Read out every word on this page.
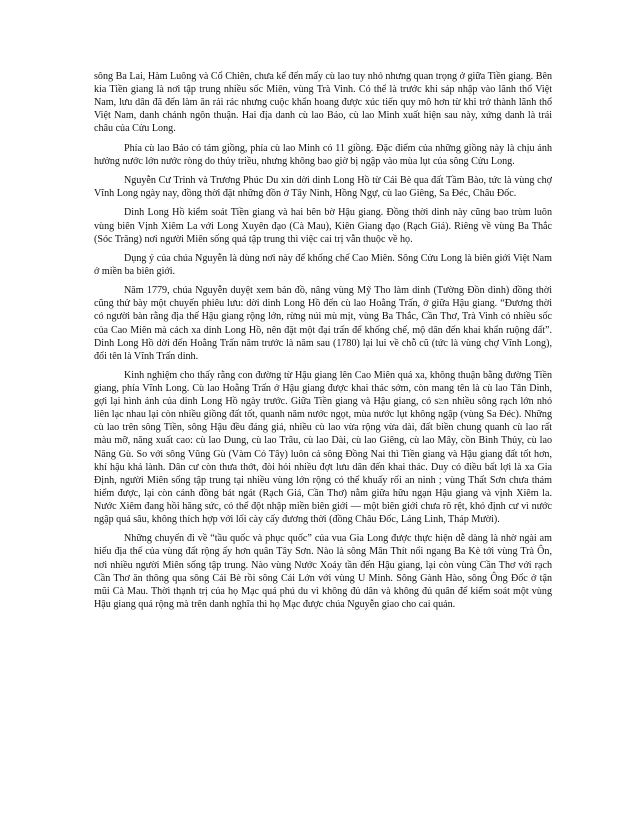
sông Ba Lai, Hàm Luông và Cổ Chiên, chưa kể đến mấy cù lao tuy nhỏ nhưng quan trọng ở giữa Tiền giang. Bên kia Tiền giang là nơi tập trung nhiều sốc Miên, vùng Trà Vinh. Có thể là trước khi sáp nhập vào lãnh thổ Việt Nam, lưu dân đã đến làm ăn rải rác nhưng cuộc khẩn hoang được xúc tiến quy mô hơn từ khi trở thành lãnh thổ Việt Nam, danh chánh ngôn thuận. Hai địa danh cù lao Bảo, cù lao Minh xuất hiện sau này, xứng danh là trái châu của Cửu Long.

Phía cù lao Bảo có tám giồng, phía cù lao Minh có 11 giồng. Đặc điểm của những giồng này là chịu ảnh hưởng nước lớn nước ròng do thủy triều, nhưng không bao giờ bị ngập vào mùa lụt của sông Cửu Long.

Nguyễn Cư Trinh và Trương Phúc Du xin dời dinh Long Hồ từ Cái Bè qua đất Tầm Bào, tức là vùng chợ Vĩnh Long ngày nay, đồng thời đặt những đồn ở Tây Ninh, Hồng Ngự, cù lao Giêng, Sa Đéc, Châu Đốc.

Dinh Long Hồ kiểm soát Tiền giang và hai bên bờ Hậu giang. Đồng thời dinh này cũng bao trùm luôn vùng biên Vịnh Xiêm La với Long Xuyên đạo (Cà Mau), Kiên Giang đạo (Rạch Giá). Riêng về vùng Ba Thắc (Sóc Trăng) nơi người Miên sống quá tập trung thì việc cai trị vẫn thuộc về họ.

Dụng ý của chúa Nguyễn là dùng nơi này để khống chế Cao Miên. Sông Cửu Long là biên giới Việt Nam ở miền ba biên giới.

Năm 1779, chúa Nguyễn duyệt xem bản đồ, nâng vùng Mỹ Tho làm dinh (Tường Đồn dinh) đồng thời cũng thử bày một chuyến phiêu lưu: dời dinh Long Hồ đến cù lao Hoằng Trấn, ở giữa Hậu giang. “Đương thời có người bàn rằng địa thế Hậu giang rộng lớn, rừng núi mù mịt, vùng Ba Thắc, Cần Thơ, Trà Vinh có nhiều sốc của Cao Miên mà cách xa dinh Long Hồ, nên đặt một đại trấn để khống chế, mộ dân đến khai khẩn ruộng đất”. Dinh Long Hồ dời đến Hoằng Trấn năm trước là năm sau (1780) lại lui về chỗ cũ (tức là vùng chợ Vĩnh Long), đổi tên là Vĩnh Trấn dinh.

Kinh nghiệm cho thấy rằng con đường từ Hậu giang lên Cao Miên quá xa, không thuận bằng đường Tiền giang, phía Vĩnh Long. Cù lao Hoằng Trấn ở Hậu giang được khai thác sớm, còn mang tên là cù lao Tân Dinh, gợi lại hình ảnh của dinh Long Hồ ngày trước. Giữa Tiền giang và Hậu giang, có s≥n nhiều sông rạch lớn nhỏ liên lạc nhau lại còn nhiều giồng đất tốt, quanh năm nước ngọt, mùa nước lụt không ngập (vùng Sa Đéc). Những cù lao trên sông Tiền, sông Hậu đều đáng giá, nhiều cù lao vừa rộng vừa dài, đất biền chung quanh cù lao rất màu mỡ, năng xuất cao: cù lao Dung, cù lao Trâu, cù lao Dài, cù lao Giêng, cù lao Mây, cồn Bình Thủy, cù lao Năng Gù. So với sông Vũng Gù (Vàm Cỏ Tây) luôn cả sông Đồng Nai thì Tiền giang và Hậu giang đất tốt hơn, khí hậu khả lành. Dân cư còn thưa thớt, đòi hỏi nhiều đợt lưu dân đến khai thác. Duy có điều bất lợi là xa Gia Định, người Miên sống tập trung tại nhiều vùng lớn rộng có thể khuấy rối an ninh ; vùng Thất Sơn chưa thám hiểm được, lại còn cánh đồng bát ngát (Rạch Giá, Cần Thơ) nằm giữa hữu ngạn Hậu giang và vịnh Xiêm la. Nước Xiêm đang hồi hăng sức, có thể đột nhập miền biên giới — một biên giới chưa rõ rệt, khó định cư vì nước ngập quá sâu, không thích hợp với lối cày cấy đương thời (đồng Châu Đốc, Láng Linh, Tháp Mười).

Những chuyến đi về “tầu quốc và phục quốc” của vua Gia Long được thực hiện dễ dàng là nhờ ngài am hiểu địa thế của vùng đất rộng ấy hơn quân Tây Sơn. Nào là sông Mân Thít nối ngang Ba Kè tới vùng Trà Ôn, nơi nhiều người Miên sống tập trung. Nào vùng Nước Xoáy tần đến Hậu giang, lại còn vùng Cần Thơ với rạch Cần Thơ ăn thông qua sông Cái Bè rồi sông Cái Lớn với vùng U Minh. Sông Gành Hào, sông Ông Đốc ở tận mũi Cà Mau. Thời thạnh trị của họ Mạc quá phú du vì không đủ dân và không đủ quân để kiểm soát một vùng Hậu giang quá rộng mà trên danh nghĩa thì họ Mạc được chúa Nguyễn giao cho cai quản.
